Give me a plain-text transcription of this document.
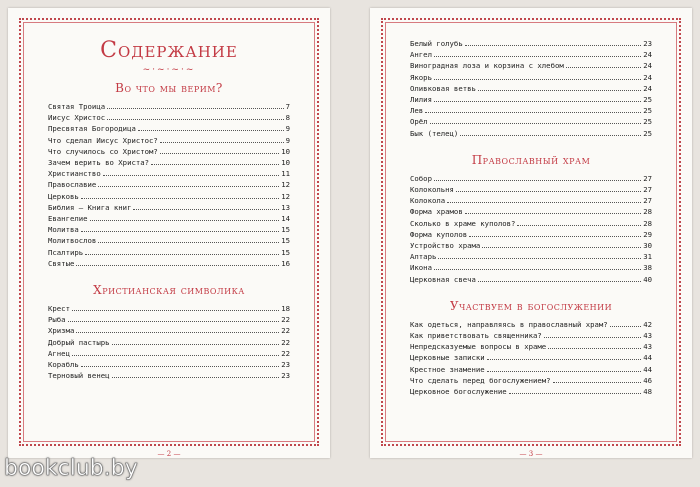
Содержание
~·~·~·~
Во что мы верим?
Святая Троица	7
Иисус Христос	8
Пресвятая Богородица	9
Что сделал Иисус Христос?	9
Что случилось со Христом?	10
Зачем верить во Христа?	10
Христианство	11
Православие	12
Церковь	12
Библия — Книга книг	13
Евангелие	14
Молитва	15
Молитвослов	15
Псалтирь	15
Святые	16
Христианская символика
Крест	18
Рыба	22
Хризма	22
Добрый пастырь	22
Агнец	22
Корабль	23
Терновый венец	23
— 2 —
Белый голубь	23
Ангел	24
Виноградная лоза и корзина с хлебом	24
Якорь	24
Оливковая ветвь	24
Лилия	25
Лев	25
Орёл	25
Бык (телец)	25
Православный храм
Собор	27
Колокольня	27
Колокола	27
Форма храмов	28
Сколько в храме куполов?	28
Форма куполов	29
Устройство храма	30
Алтарь	31
Икона	38
Церковная свеча	40
Участвуем в богослужении
Как одеться, направляясь в православный храм?	42
Как приветствовать священника?	43
Непредсказуемые вопросы в храме	43
Церковные записки	44
Крестное знамение	44
Что сделать перед богослужением?	46
Церковное богослужение	48
— 3 —
bookclub.by
